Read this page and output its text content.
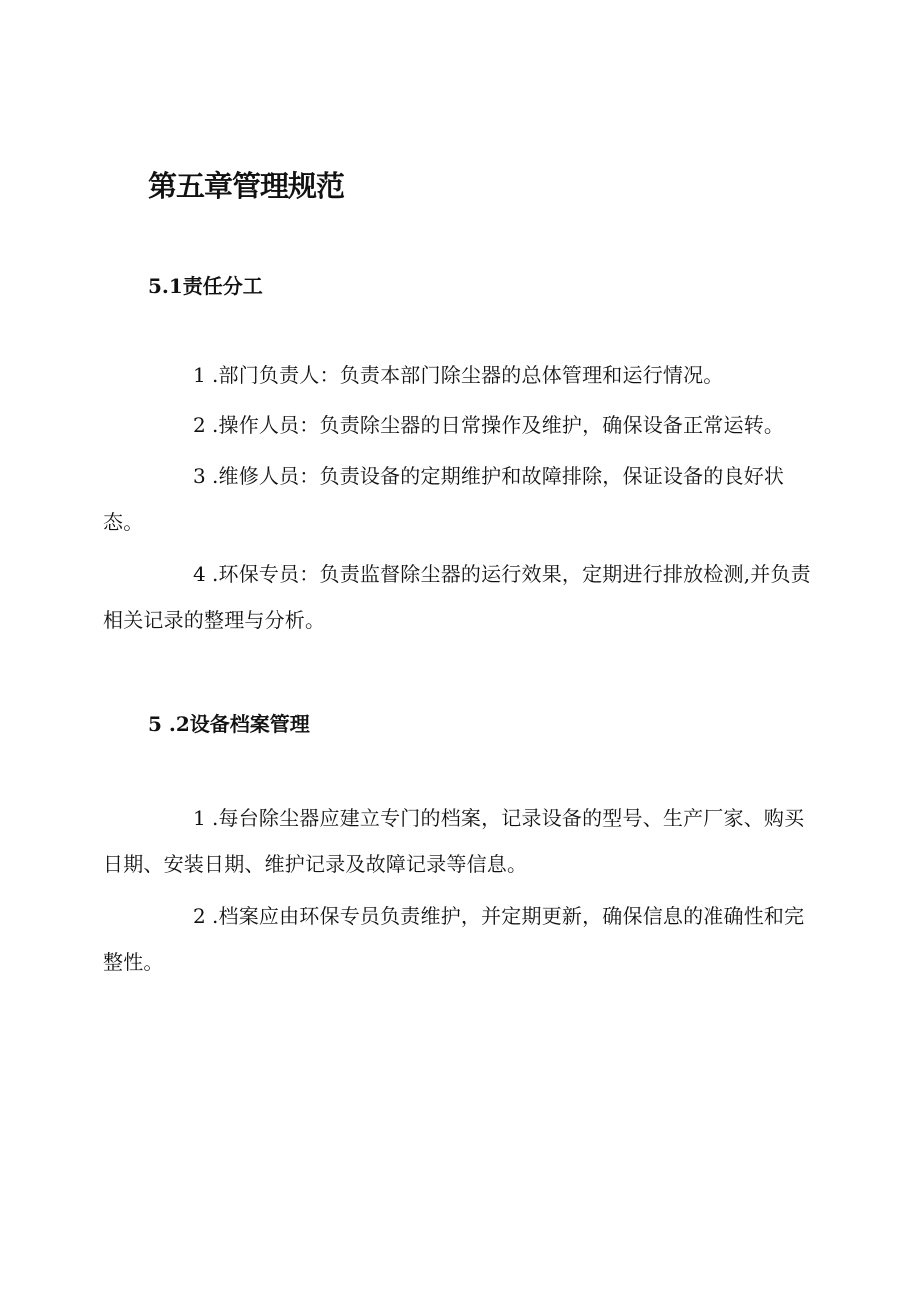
第五章管理规范
5.1责任分工

1 .部门负责人：负责本部门除尘器的总体管理和运行情况。

2 .操作人员：负责除尘器的日常操作及维护，确保设备正常运转。

3 .维修人员：负责设备的定期维护和故障排除，保证设备的良好状态。

4 .环保专员：负责监督除尘器的运行效果，定期进行排放检测,并负责相关记录的整理与分析。

5 .2设备档案管理

1 .每台除尘器应建立专门的档案，记录设备的型号、生产厂家、购买日期、安装日期、维护记录及故障记录等信息。

2 .档案应由环保专员负责维护，并定期更新，确保信息的准确性和完整性。
